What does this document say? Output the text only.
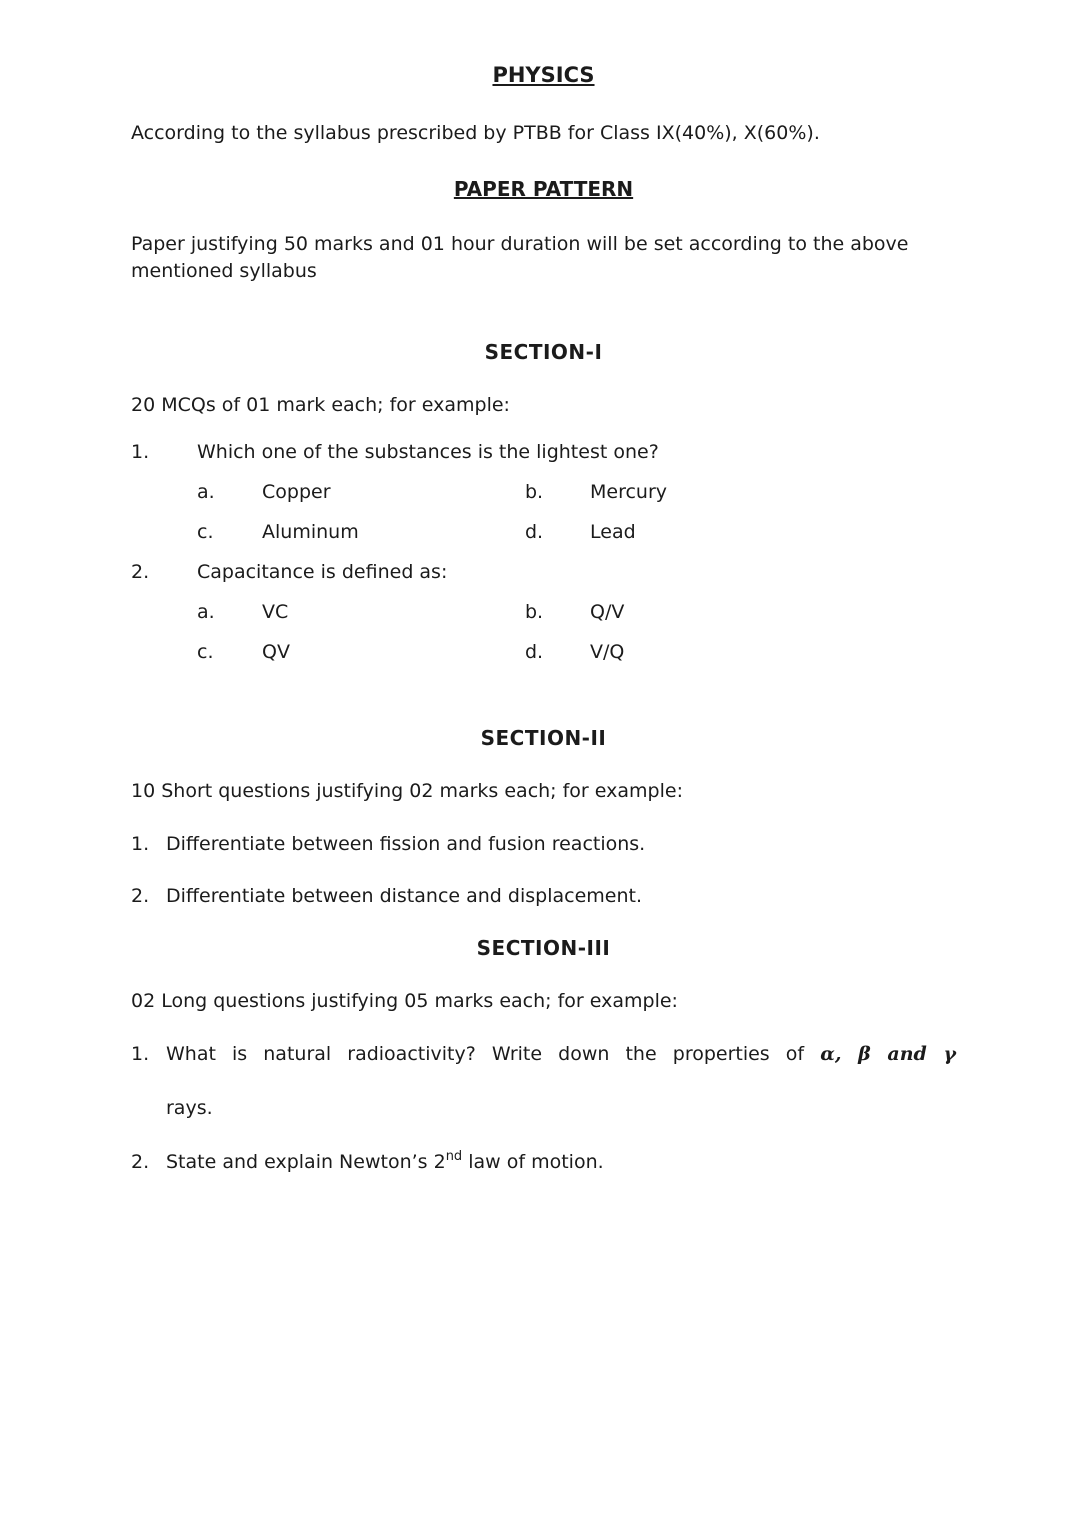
PHYSICS

According to the syllabus prescribed by PTBB for Class IX(40%), X(60%).

PAPER PATTERN

Paper justifying 50 marks and 01 hour duration will be set according to the above mentioned syllabus

SECTION-I

20 MCQs of 01 mark each; for example:

1.	Which one of the substances is the lightest one?
a.	Copper	b.	Mercury
c.	Aluminum	d.	Lead
2.	Capacitance is defined as:
a.	VC	b.	Q/V
c.	QV	d.	V/Q
SECTION-II

10 Short questions justifying 02 marks each; for example:

1. Differentiate between fission and fusion reactions.
2. Differentiate between distance and displacement.
SECTION-III

02 Long questions justifying 05 marks each; for example:

1. What is natural radioactivity? Write down the properties of α, β and γ
rays.
2. State and explain Newton’s 2nd law of motion.
